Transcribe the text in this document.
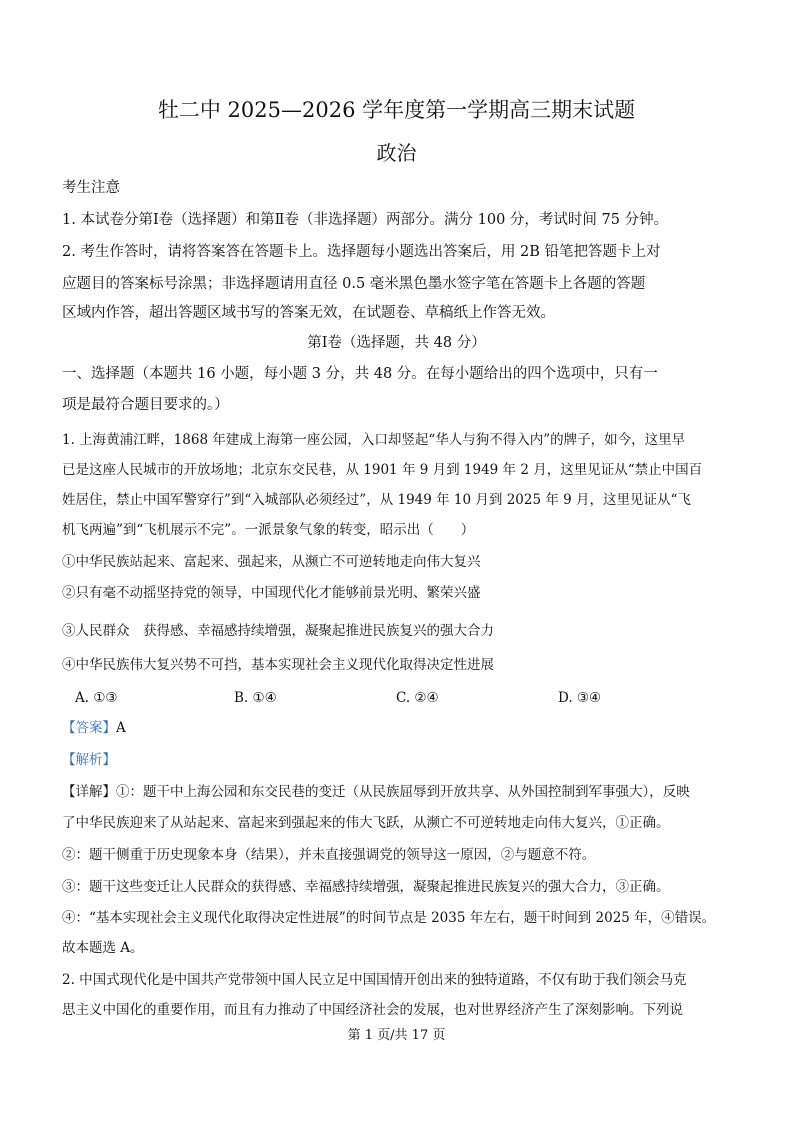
牡二中 2025—2026 学年度第一学期高三期末试题
政治
考生注意
1. 本试卷分第Ⅰ卷（选择题）和第Ⅱ卷（非选择题）两部分。满分 100 分，考试时间 75 分钟。
2. 考生作答时，请将答案答在答题卡上。选择题每小题选出答案后，用 2B 铅笔把答题卡上对
应题目的答案标号涂黑；非选择题请用直径 0.5 毫米黑色墨水签字笔在答题卡上各题的答题
区域内作答，超出答题区域书写的答案无效，在试题卷、草稿纸上作答无效。
第Ⅰ卷（选择题，共 48 分）
一、选择题（本题共 16 小题，每小题 3 分，共 48 分。在每小题给出的四个选项中，只有一
项是最符合题目要求的。）
1. 上海黄浦江畔，1868 年建成上海第一座公园，入口却竖起“华人与狗不得入内”的牌子，如今，这里早
已是这座人民城市的开放场地；北京东交民巷，从 1901 年 9 月到 1949 年 2 月，这里见证从“禁止中国百
姓居住，禁止中国军警穿行”到“入城部队必须经过”，从 1949 年 10 月到 2025 年 9 月，这里见证从“飞
机飞两遍”到“飞机展示不完”。一派景象气象的转变，昭示出（　　）
①中华民族站起来、富起来、强起来，从濒亡不可逆转地走向伟大复兴
②只有毫不动摇坚持党的领导，中国现代化才能够前景光明、繁荣兴盛
③人民群众　获得感、幸福感持续增强，凝聚起推进民族复兴的强大合力
④中华民族伟大复兴势不可挡，基本实现社会主义现代化取得决定性进展
A. ①③	B. ①④	C. ②④	D. ③④
【答案】A
【解析】
【详解】①：题干中上海公园和东交民巷的变迁（从民族屈辱到开放共享、从外国控制到军事强大），反映
了中华民族迎来了从站起来、富起来到强起来的伟大飞跃，从濒亡不可逆转地走向伟大复兴，①正确。
②：题干侧重于历史现象本身（结果），并未直接强调党的领导这一原因，②与题意不符。
③：题干这些变迁让人民群众的获得感、幸福感持续增强，凝聚起推进民族复兴的强大合力，③正确。
④：“基本实现社会主义现代化取得决定性进展”的时间节点是 2035 年左右，题干时间到 2025 年，④错误。
故本题选 A。
2. 中国式现代化是中国共产党带领中国人民立足中国国情开创出来的独特道路，不仅有助于我们领会马克
思主义中国化的重要作用，而且有力推动了中国经济社会的发展，也对世界经济产生了深刻影响。下列说
第 1 页/共 17 页
